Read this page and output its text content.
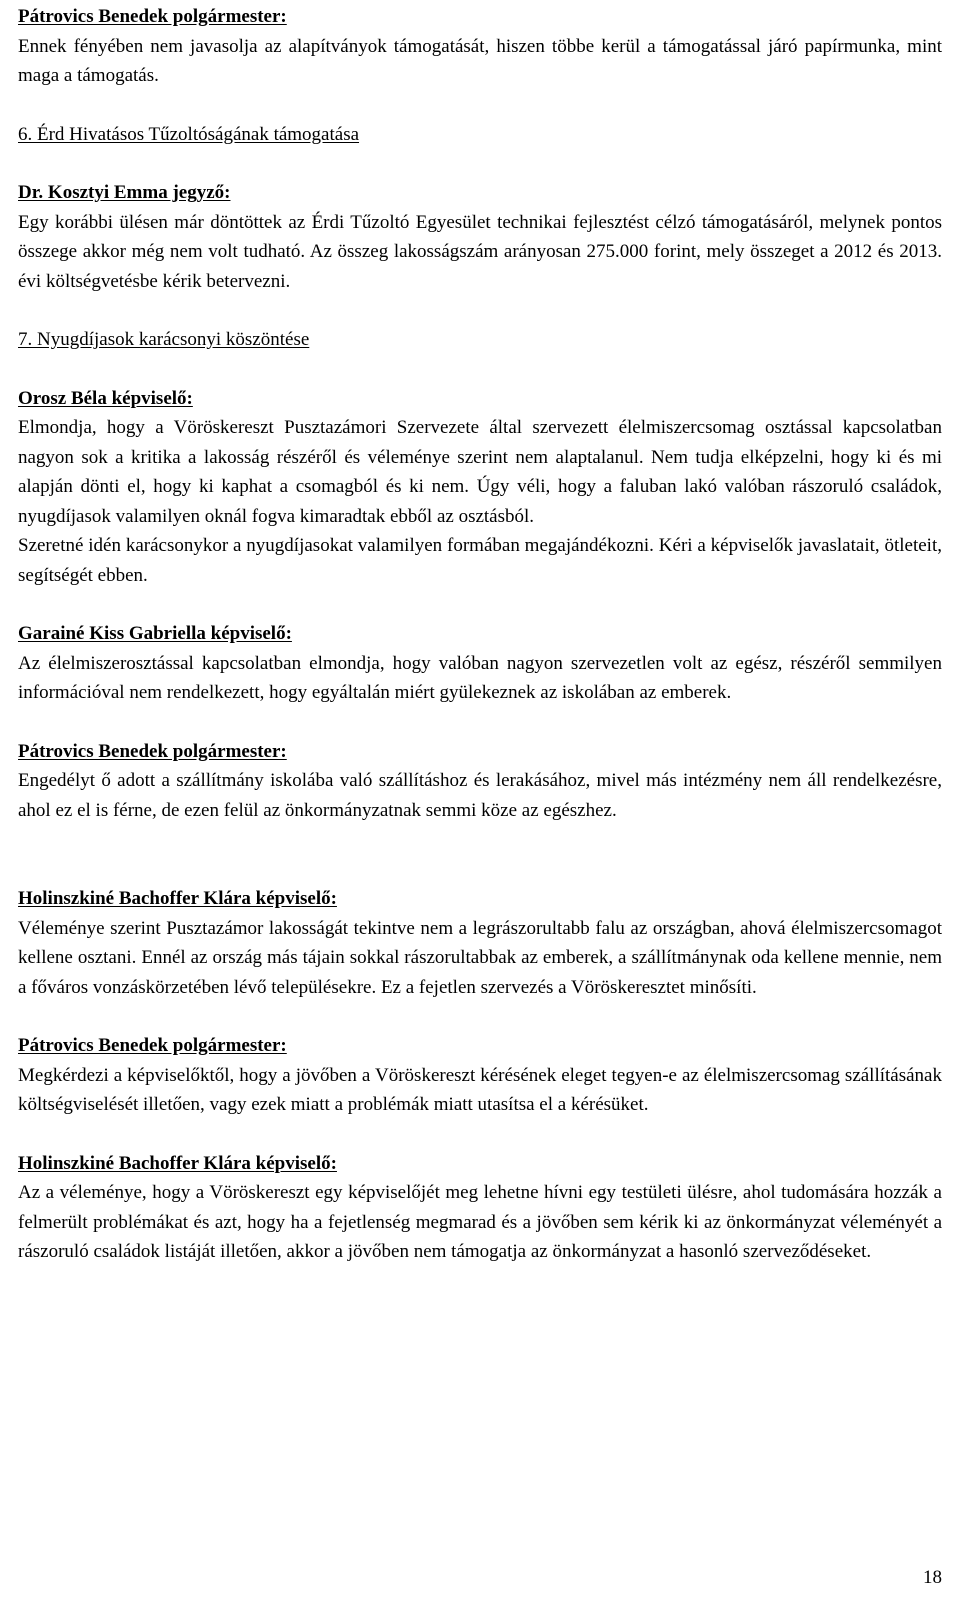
Pátrovics Benedek polgármester:

Ennek fényében nem javasolja az alapítványok támogatását, hiszen többe kerül a támogatással járó papírmunka, mint maga a támogatás.

6. Érd Hivatásos Tűzoltóságának támogatása
Dr. Kosztyi Emma jegyző:

Egy korábbi ülésen már döntöttek az Érdi Tűzoltó Egyesület technikai fejlesztést célzó támogatásáról, melynek pontos összege akkor még nem volt tudható. Az összeg lakosságszám arányosan 275.000 forint, mely összeget a 2012 és 2013. évi költségvetésbe kérik betervezni.

7. Nyugdíjasok karácsonyi köszöntése
Orosz Béla képviselő:

Elmondja, hogy a Vöröskereszt Pusztazámori Szervezete által szervezett élelmiszercsomag osztással kapcsolatban nagyon sok a kritika a lakosság részéről és véleménye szerint nem alaptalanul. Nem tudja elképzelni, hogy ki és mi alapján dönti el, hogy ki kaphat a csomagból és ki nem. Úgy véli, hogy a faluban lakó valóban rászoruló családok, nyugdíjasok valamilyen oknál fogva kimaradtak ebből az osztásból.

Szeretné idén karácsonykor a nyugdíjasokat valamilyen formában megajándékozni. Kéri a képviselők javaslatait, ötleteit, segítségét ebben.

Garainé Kiss Gabriella képviselő:

Az élelmiszerosztással kapcsolatban elmondja, hogy valóban nagyon szervezetlen volt az egész, részéről semmilyen információval nem rendelkezett, hogy egyáltalán miért gyülekeznek az iskolában az emberek.

Pátrovics Benedek polgármester:

Engedélyt ő adott a szállítmány iskolába való szállításhoz és lerakásához, mivel más intézmény nem áll rendelkezésre, ahol ez el is férne, de ezen felül az önkormányzatnak semmi köze az egészhez.

Holinszkiné Bachoffer Klára képviselő:

Véleménye szerint Pusztazámor lakosságát tekintve nem a legrászorultabb falu az országban, ahová élelmiszercsomagot kellene osztani. Ennél az ország más tájain sokkal rászorultabbak az emberek, a szállítmánynak oda kellene mennie, nem a főváros vonzáskörzetében lévő településekre. Ez a fejetlen szervezés a Vöröskeresztet minősíti.

Pátrovics Benedek polgármester:

Megkérdezi a képviselőktől, hogy a jövőben a Vöröskereszt kérésének eleget tegyen-e az élelmiszercsomag szállításának költségviselését illetően, vagy ezek miatt a problémák miatt utasítsa el a kérésüket.

Holinszkiné Bachoffer Klára képviselő:

Az a véleménye, hogy a Vöröskereszt egy képviselőjét meg lehetne hívni egy testületi ülésre, ahol tudomására hozzák a felmerült problémákat és azt, hogy ha a fejetlenség megmarad és a jövőben sem kérik ki az önkormányzat véleményét a rászoruló családok listáját illetően, akkor a jövőben nem támogatja az önkormányzat a hasonló szerveződéseket.

18
